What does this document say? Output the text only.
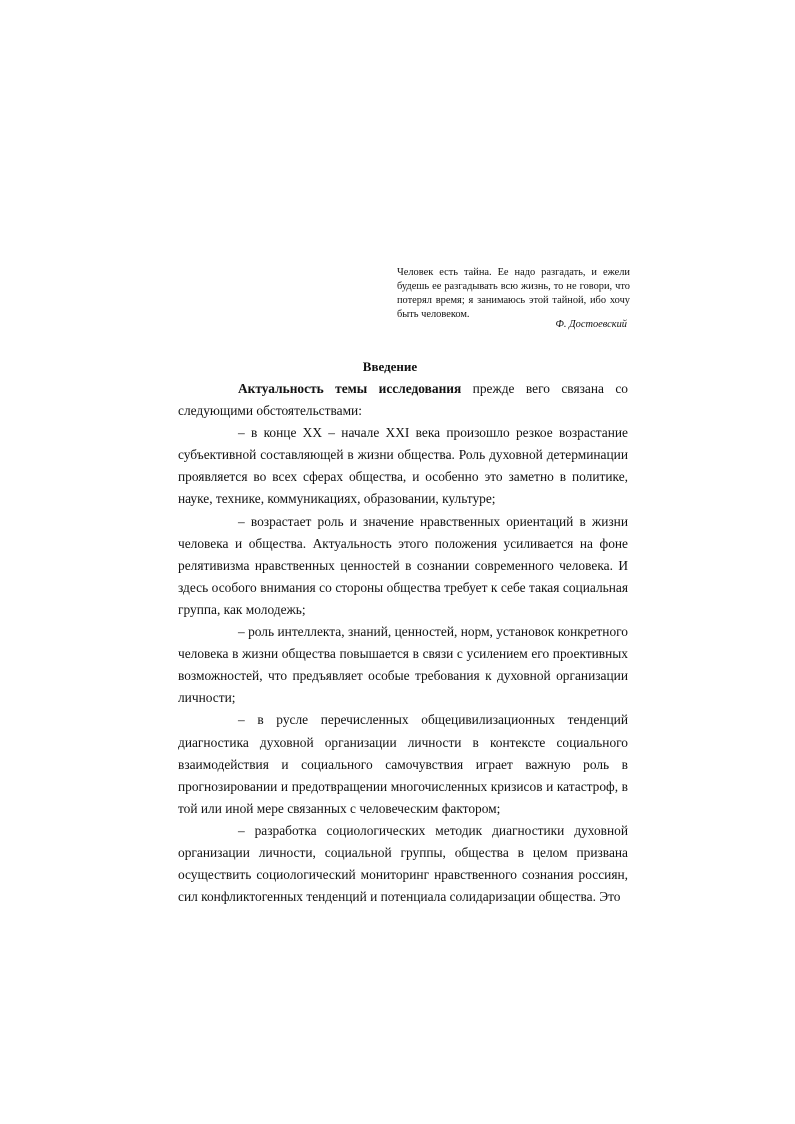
Человек есть тайна. Ее надо разгадать, и ежели будешь ее разгадывать всю жизнь, то не говори, что потерял время; я занимаюсь этой тайной, ибо хочу быть человеком.
Ф. Достоевский
Введение

Актуальность темы исследования прежде вего связана со следующими обстоятельствами:

– в конце XX – начале XXI века произошло резкое возрастание субъективной составляющей в жизни общества. Роль духовной детерминации проявляется во всех сферах общества, и особенно это заметно в политике, науке, технике, коммуникациях, образовании, культуре;

– возрастает роль и значение нравственных ориентаций в жизни человека и общества. Актуальность этого положения усиливается на фоне релятивизма нравственных ценностей в сознании современного человека. И здесь особого внимания со стороны общества требует к себе такая социальная группа, как молодежь;

– роль интеллекта, знаний, ценностей, норм, установок конкретного человека в жизни общества повышается в связи с усилением его проективных возможностей, что предъявляет особые требования к духовной организации личности;

– в русле перечисленных общецивилизационных тенденций диагностика духовной организации личности в контексте социального взаимодействия и социального самочувствия играет важную роль в прогнозировании и предотвращении многочисленных кризисов и катастроф, в той или иной мере связанных с человеческим фактором;

– разработка социологических методик диагностики духовной организации личности, социальной группы, общества в целом призвана осуществить социологический мониторинг нравственного сознания россиян, сил конфликтогенных тенденций и потенциала солидаризации общества. Это
